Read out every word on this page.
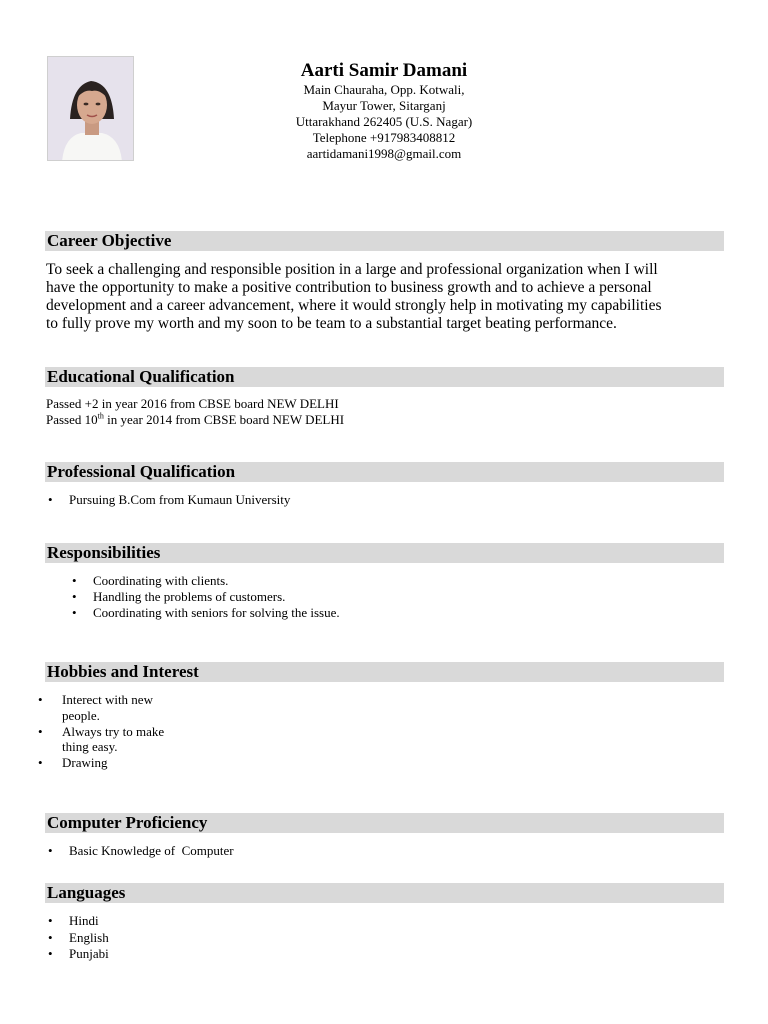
Aarti Samir Damani
Main Chauraha, Opp. Kotwali,
Mayur Tower, Sitarganj
Uttarakhand 262405 (U.S. Nagar)
Telephone +917983408812
aartidamani1998@gmail.com
Career Objective
To seek a challenging and responsible position in a large and professional organization when I will
have the opportunity to make a positive contribution to business growth and to achieve a personal
development and a career advancement, where it would strongly help in motivating my capabilities
to fully prove my worth and my soon to be team to a substantial target beating performance.
Educational Qualification
Passed +2 in year 2016 from CBSE board NEW DELHI
Passed 10th in year 2014 from CBSE board NEW DELHI
Professional Qualification
• Pursuing B.Com from Kumaun University
Responsibilities
• Coordinating with clients.
• Handling the problems of customers.
• Coordinating with seniors for solving the issue.
Hobbies and Interest
• Interect with new
people.
• Always try to make
thing easy.
• Drawing
Computer Proficiency
• Basic Knowledge of  Computer
Languages
• Hindi
• English
• Punjabi
